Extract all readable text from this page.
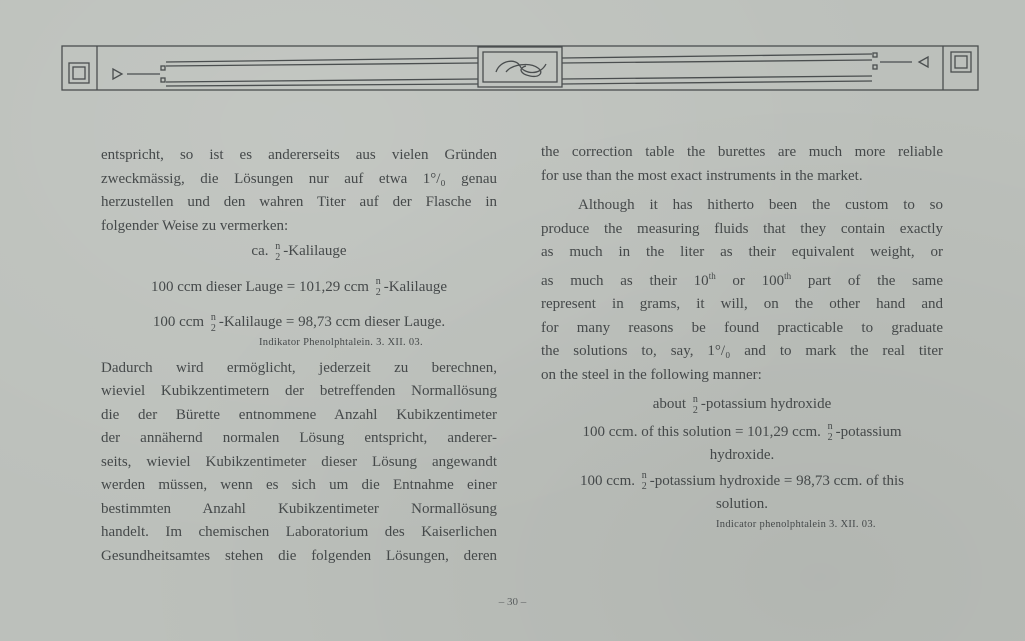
entspricht, so ist es andererseits aus vielen Gründen
zweckmässig, die Lösungen nur auf etwa 1°/₀ genau
herzustellen und den wahren Titer auf der Flasche in
folgender Weise zu vermerken:
ca. n
2 -Kalilauge
100 ccm dieser Lauge = 101,29 ccm n
2 -Kalilauge
100 ccm n
2 -Kalilauge = 98,73 ccm dieser Lauge.
Indikator Phenolphtalein. 3. XII. 03.
Dadurch wird ermöglicht, jederzeit zu berechnen,
wieviel Kubikzentimetern der betreffenden Normallösung
die der Bürette entnommene Anzahl Kubikzentimeter
der annähernd normalen Lösung entspricht, anderer-
seits, wieviel Kubikzentimeter dieser Lösung angewandt
werden müssen, wenn es sich um die Entnahme einer
bestimmten Anzahl Kubikzentimeter Normallösung
handelt. Im chemischen Laboratorium des Kaiserlichen
Gesundheitsamtes stehen die folgenden Lösungen, deren
the correction table the burettes are much more reliable
for use than the most exact instruments in the market.
Although it has hitherto been the custom to so
produce the measuring fluids that they contain exactly
as much in the liter as their equivalent weight, or
as much as their 10th or 100th part of the same
represent in grams, it will, on the other hand and
for many reasons be found practicable to graduate
the solutions to, say, 1°/₀ and to mark the real titer
on the steel in the following manner:
about n
2 -potassium hydroxide
100 ccm. of this solution = 101,29 ccm. n
2 -potassium
hydroxide.
100 ccm. n
2 -potassium hydroxide = 98,73 ccm. of this
solution.
Indicator phenolphtalein 3. XII. 03.
– 30 –
